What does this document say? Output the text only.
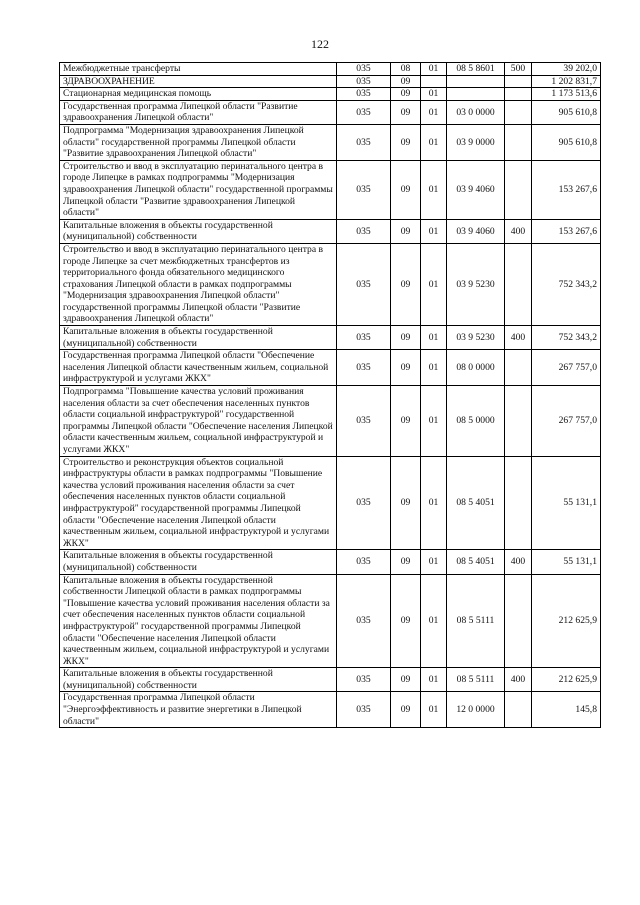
122
Межбюджетные трансферты	035	08	01	08 5 8601	500	39 202,0
ЗДРАВООХРАНЕНИЕ	035	09				1 202 831,7
Стационарная медицинская помощь	035	09	01			1 173 513,6
Государственная программа Липецкой области "Развитие здравоохранения Липецкой области"	035	09	01	03 0 0000		905 610,8
Подпрограмма "Модернизация здравоохранения Липецкой области" государственной программы Липецкой области "Развитие здравоохранения Липецкой области"	035	09	01	03 9 0000		905 610,8
Строительство и ввод в эксплуатацию перинатального центра в городе Липецке в рамках подпрограммы "Модернизация здравоохранения Липецкой области" государственной программы Липецкой области "Развитие здравоохранения Липецкой области"	035	09	01	03 9 4060		153 267,6
Капитальные вложения в объекты государственной (муниципальной) собственности	035	09	01	03 9 4060	400	153 267,6
Строительство и ввод в эксплуатацию перинатального центра в городе Липецке за счет межбюджетных трансфертов из территориального фонда обязательного медицинского страхования Липецкой области в рамках подпрограммы "Модернизация здравоохранения Липецкой области" государственной программы Липецкой области "Развитие здравоохранения Липецкой области"	035	09	01	03 9 5230		752 343,2
Капитальные вложения в объекты государственной (муниципальной) собственности	035	09	01	03 9 5230	400	752 343,2
Государственная программа Липецкой области "Обеспечение населения Липецкой области качественным жильем, социальной инфраструктурой и услугами ЖКХ"	035	09	01	08 0 0000		267 757,0
Подпрограмма "Повышение качества условий проживания населения области за счет обеспечения населенных пунктов области социальной инфраструктурой" государственной программы Липецкой области "Обеспечение населения Липецкой области качественным жильем, социальной инфраструктурой и услугами ЖКХ"	035	09	01	08 5 0000		267 757,0
Строительство и реконструкция объектов социальной инфраструктуры области в рамках подпрограммы "Повышение качества условий проживания населения области за счет обеспечения населенных пунктов области социальной инфраструктурой" государственной программы Липецкой области "Обеспечение населения Липецкой области качественным жильем, социальной инфраструктурой и услугами ЖКХ"	035	09	01	08 5 4051		55 131,1
Капитальные вложения в объекты государственной (муниципальной) собственности	035	09	01	08 5 4051	400	55 131,1
Капитальные вложения в объекты государственной собственности Липецкой области в рамках подпрограммы "Повышение качества условий проживания населения области за счет обеспечения населенных пунктов области социальной инфраструктурой" государственной программы Липецкой области "Обеспечение населения Липецкой области качественным жильем, социальной инфраструктурой и услугами ЖКХ"	035	09	01	08 5 5111		212 625,9
Капитальные вложения в объекты государственной (муниципальной) собственности	035	09	01	08 5 5111	400	212 625,9
Государственная программа Липецкой области "Энергоэффективность и развитие энергетики в Липецкой области"	035	09	01	12 0 0000		145,8
